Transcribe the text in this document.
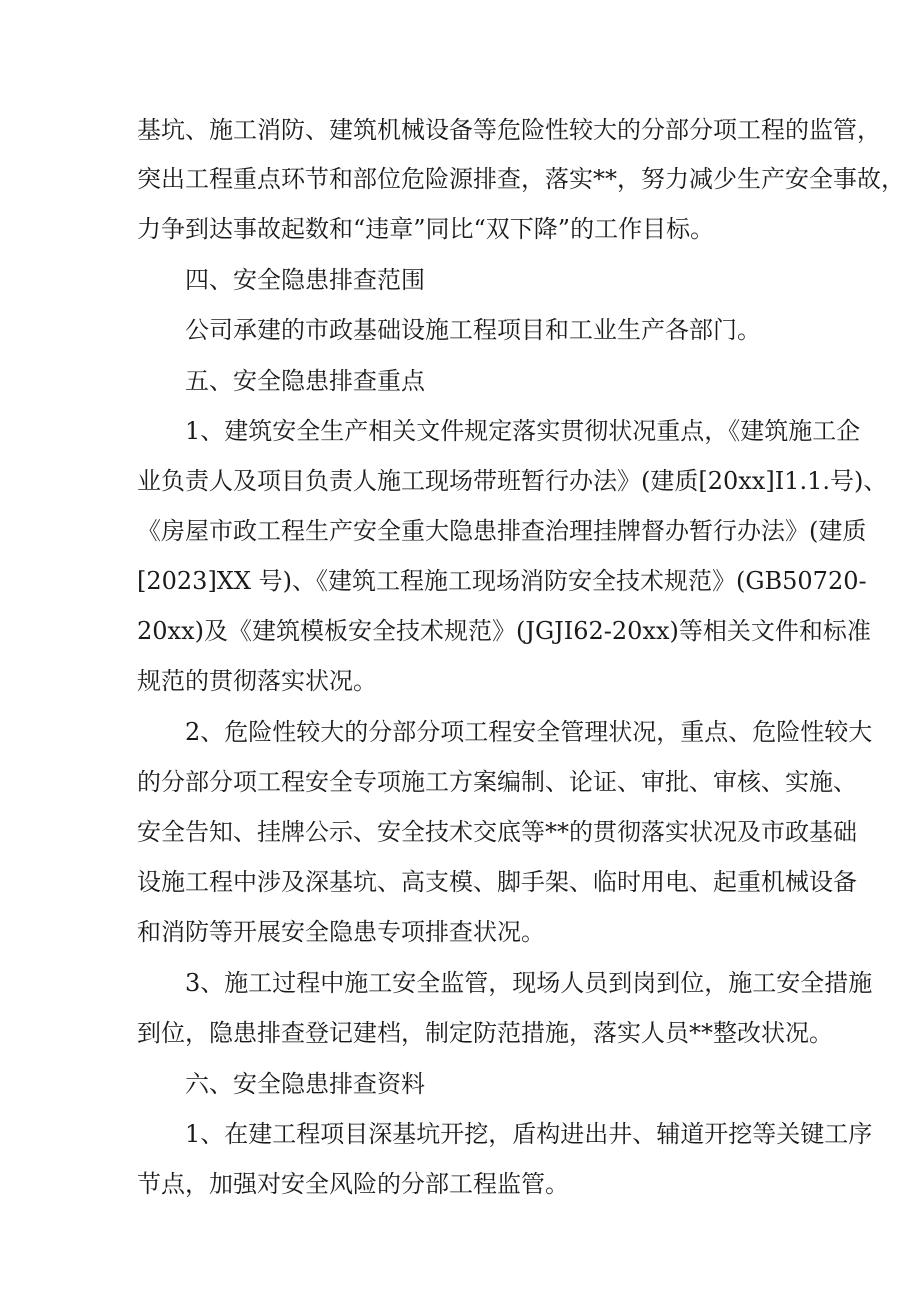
基坑、施工消防、建筑机械设备等危险性较大的分部分项工程的监管，
突出工程重点环节和部位危险源排查，落实**，努力减少生产安全事故，
力争到达事故起数和“违章”同比“双下降”的工作目标。
四、安全隐患排查范围
公司承建的市政基础设施工程项目和工业生产各部门。
五、安全隐患排查重点
1、建筑安全生产相关文件规定落实贯彻状况重点，《建筑施工企
业负责人及项目负责人施工现场带班暂行办法》(建质[20xx]I1.1.号)、
《房屋市政工程生产安全重大隐患排查治理挂牌督办暂行办法》(建质
[2023]XX 号)、《建筑工程施工现场消防安全技术规范》(GB50720-
20xx)及《建筑模板安全技术规范》(JGJI62-20xx)等相关文件和标准
规范的贯彻落实状况。
2、危险性较大的分部分项工程安全管理状况，重点、危险性较大
的分部分项工程安全专项施工方案编制、论证、审批、审核、实施、
安全告知、挂牌公示、安全技术交底等**的贯彻落实状况及市政基础
设施工程中涉及深基坑、高支模、脚手架、临时用电、起重机械设备
和消防等开展安全隐患专项排查状况。
3、施工过程中施工安全监管，现场人员到岗到位，施工安全措施
到位，隐患排查登记建档，制定防范措施，落实人员**整改状况。
六、安全隐患排查资料
1、在建工程项目深基坑开挖，盾构进出井、辅道开挖等关键工序
节点，加强对安全风险的分部工程监管。
